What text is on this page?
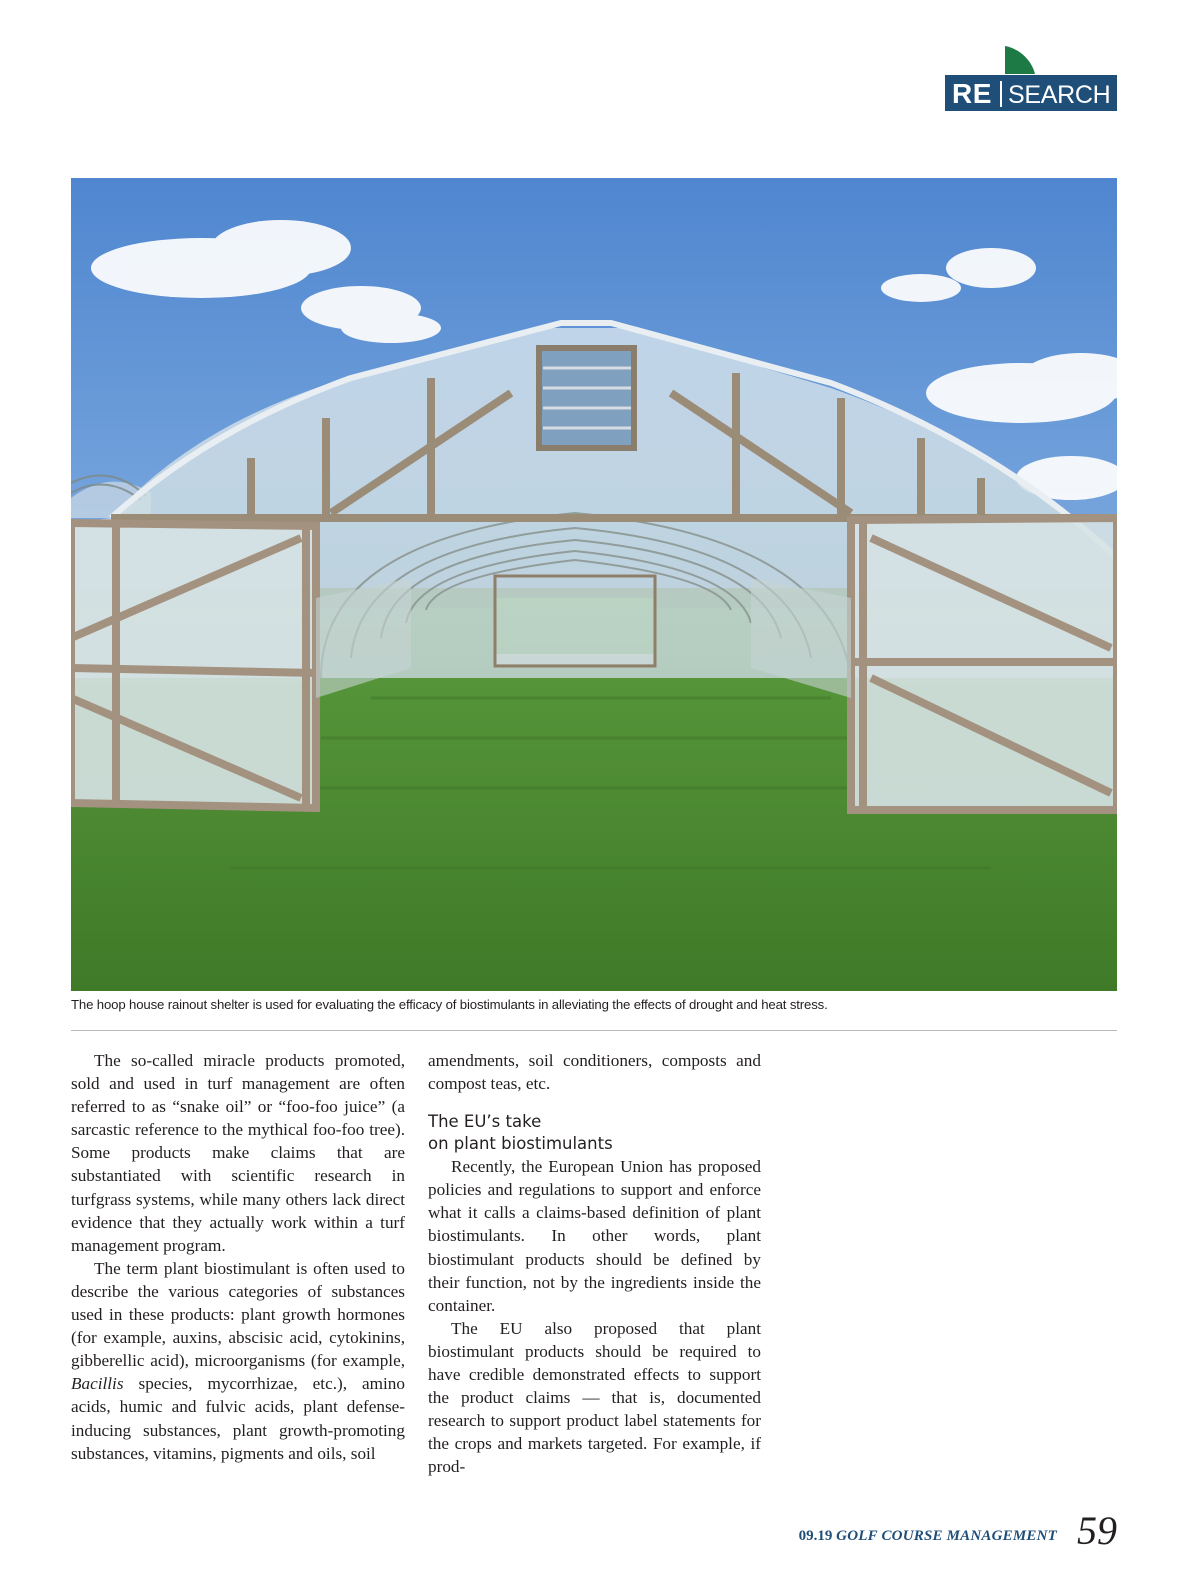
RE SEARCH
The hoop house rainout shelter is used for evaluating the efficacy of biostimulants in alleviating the effects of drought and heat stress.

The so-called miracle products promoted, sold and used in turf management are often referred to as “snake oil” or “foo-foo juice” (a sarcastic reference to the mythical foo-foo tree). Some products make claims that are substantiated with scientific research in turfgrass systems, while many others lack direct evidence that they actually work within a turf management program.

The term plant biostimulant is often used to describe the various categories of substances used in these products: plant growth hormones (for example, auxins, abscisic acid, cytokinins, gibberellic acid), microorganisms (for example, Bacillis species, mycorrhizae, etc.), amino acids, humic and fulvic acids, plant defense-inducing substances, plant growth-promoting substances, vitamins, pigments and oils, soil

amendments, soil conditioners, composts and compost teas, etc.

The EU’s take
on plant biostimulants

Recently, the European Union has proposed policies and regulations to support and enforce what it calls a claims-based definition of plant biostimulants. In other words, plant biostimulant products should be defined by their function, not by the ingredients inside the container.

The EU also proposed that plant biostimulant products should be required to have credible demonstrated effects to support the product claims — that is, documented research to support product label statements for the crops and markets targeted. For example, if prod-

09.19 GOLF COURSE MANAGEMENT 59
